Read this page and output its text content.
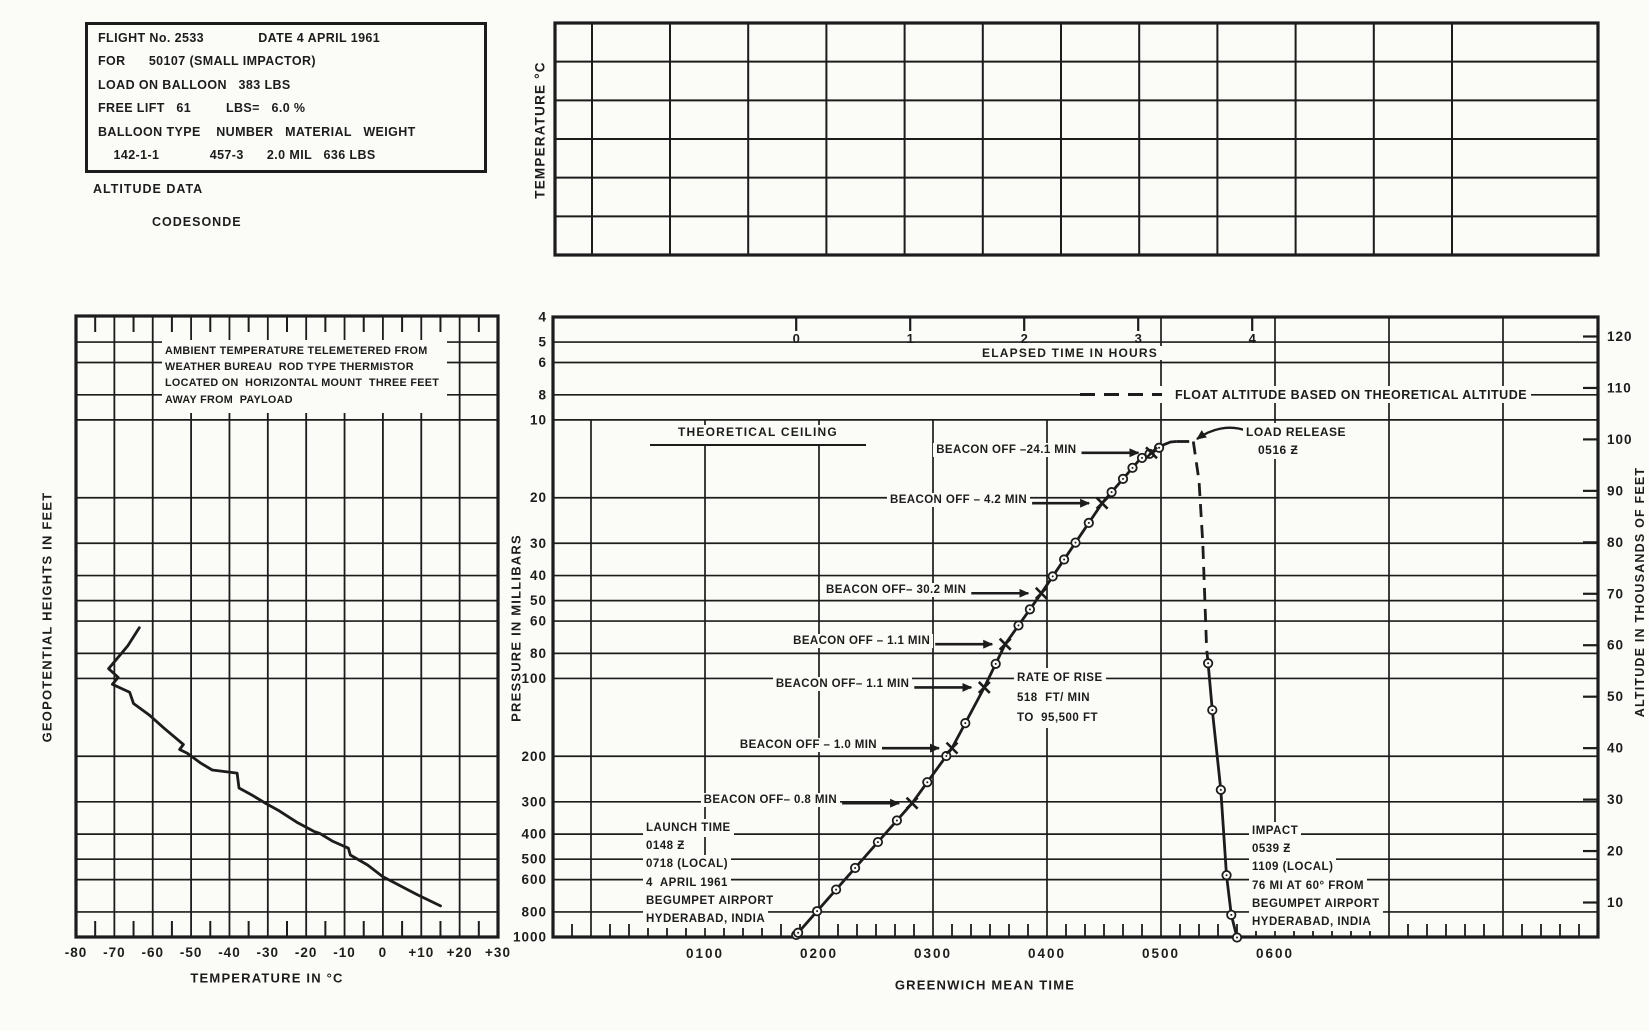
-80 -70 -60 -50 -40 -30 -20 -10 0 +10 +20 +30
4
5
6
8
10
20
30
40
50
60
80
100
200
300
400
500
600
800
1000
120
110
100
90
80
70
60
50
40
30
20
10
0100	0200	0300	0400	0500	0600
0	1	2	3	4
FLIGHT No. 2533              DATE 4 APRIL 1961
FOR      50107 (SMALL IMPACTOR)
LOAD ON BALLOON   383 LBS
FREE LIFT   61         LBS=   6.0 %
BALLOON TYPE    NUMBER   MATERIAL   WEIGHT
142-1-1             457-3      2.0 MIL   636 LBS
ALTITUDE DATA
CODESONDE
TEMPERATURE °C
GEOPOTENTIAL HEIGHTS IN FEET	PRESSURE IN MILLIBARS	ALTITUDE IN THOUSANDS OF FEET
TEMPERATURE IN °C	GREENWICH MEAN TIME
ELAPSED TIME IN HOURS
AMBIENT TEMPERATURE TELEMETERED FROM
WEATHER BUREAU  ROD TYPE THERMISTOR
LOCATED ON  HORIZONTAL MOUNT  THREE FEET
AWAY FROM  PAYLOAD	FLOAT ALTITUDE BASED ON THEORETICAL ALTITUDE
THEORETICAL CEILING	LOAD RELEASE
0516 Ƶ
RATE OF RISE
518  FT/ MIN
TO  95,500 FT
LAUNCH TIME
0148 Ƶ
0718 (LOCAL)
4  APRIL 1961
BEGUMPET AIRPORT
HYDERABAD, INDIA
IMPACT
0539 Ƶ
1109 (LOCAL)
76 MI AT 60° FROM
BEGUMPET AIRPORT
HYDERABAD, INDIA
BEACON OFF –24.1 MIN
BEACON OFF – 4.2 MIN
BEACON OFF– 30.2 MIN
BEACON OFF – 1.1 MIN
BEACON OFF– 1.1 MIN
BEACON OFF – 1.0 MIN
BEACON OFF– 0.8 MIN
